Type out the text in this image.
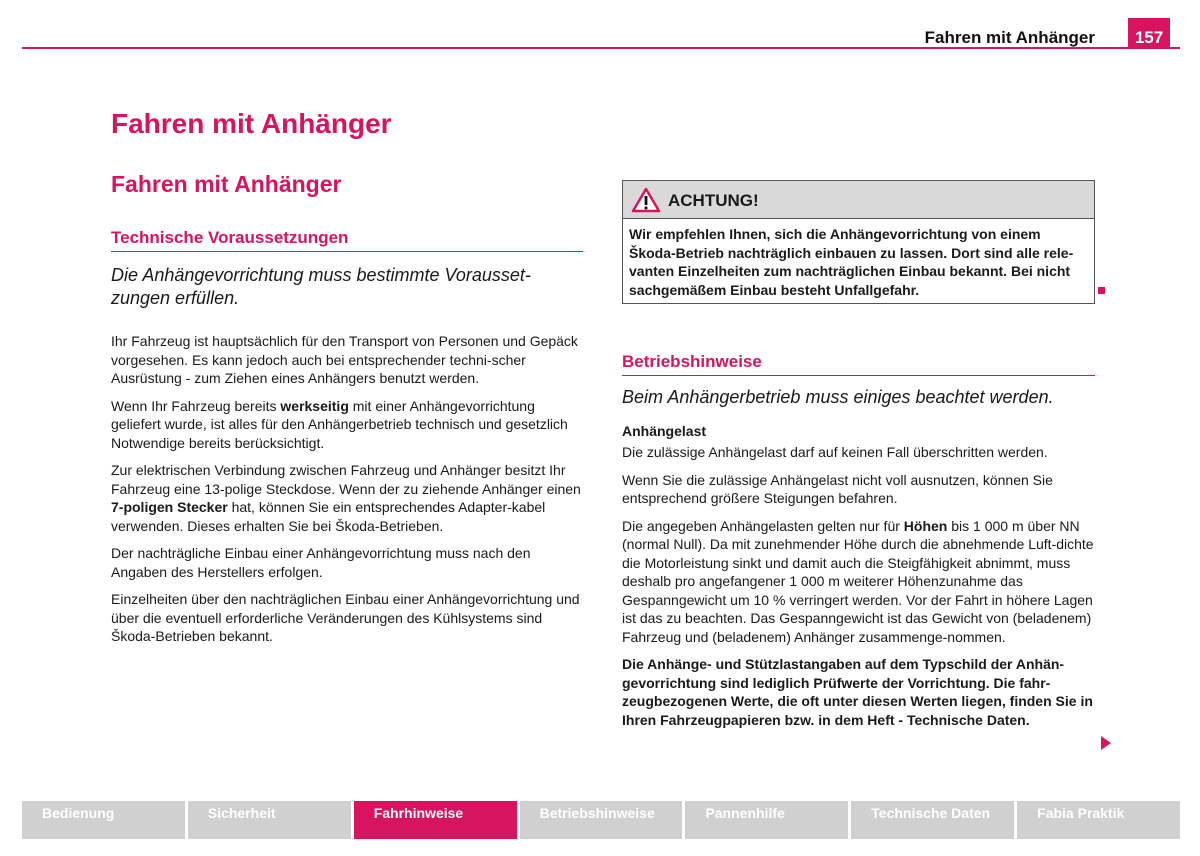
Fahren mit Anhänger	157
Fahren mit Anhänger
Fahren mit Anhänger
Technische Voraussetzungen
Die Anhängevorrichtung muss bestimmte Vorausset-zungen erfüllen.

Ihr Fahrzeug ist hauptsächlich für den Transport von Personen und Gepäck vorgesehen. Es kann jedoch auch bei entsprechender techni-scher Ausrüstung - zum Ziehen eines Anhängers benutzt werden.

Wenn Ihr Fahrzeug bereits werkseitig mit einer Anhängevorrichtung geliefert wurde, ist alles für den Anhängerbetrieb technisch und gesetzlich Notwendige bereits berücksichtigt.

Zur elektrischen Verbindung zwischen Fahrzeug und Anhänger besitzt Ihr Fahrzeug eine 13-polige Steckdose. Wenn der zu ziehende Anhänger einen 7-poligen Stecker hat, können Sie ein entsprechendes Adapter-kabel verwenden. Dieses erhalten Sie bei Škoda-Betrieben.

Der nachträgliche Einbau einer Anhängevorrichtung muss nach den Angaben des Herstellers erfolgen.

Einzelheiten über den nachträglichen Einbau einer Anhängevorrichtung und über die eventuell erforderliche Veränderungen des Kühlsystems sind Škoda-Betrieben bekannt.

ACHTUNG!
Wir empfehlen Ihnen, sich die Anhängevorrichtung von einem Škoda-Betrieb nachträglich einbauen zu lassen. Dort sind alle rele-vanten Einzelheiten zum nachträglichen Einbau bekannt. Bei nicht sachgemäßem Einbau besteht Unfallgefahr.
Betriebshinweise
Beim Anhängerbetrieb muss einiges beachtet werden.

Anhängelast

Die zulässige Anhängelast darf auf keinen Fall überschritten werden.

Wenn Sie die zulässige Anhängelast nicht voll ausnutzen, können Sie entsprechend größere Steigungen befahren.

Die angegeben Anhängelasten gelten nur für Höhen bis 1 000 m über NN (normal Null). Da mit zunehmender Höhe durch die abnehmende Luft-dichte die Motorleistung sinkt und damit auch die Steigfähigkeit abnimmt, muss deshalb pro angefangener 1 000 m weiterer Höhenzunahme das Gespanngewicht um 10 % verringert werden. Vor der Fahrt in höhere Lagen ist das zu beachten. Das Gespanngewicht ist das Gewicht von (beladenem) Fahrzeug und (beladenem) Anhänger zusammenge-nommen.

Die Anhänge- und Stützlastangaben auf dem Typschild der Anhän-gevorrichtung sind lediglich Prüfwerte der Vorrichtung. Die fahr-zeugbezogenen Werte, die oft unter diesen Werten liegen, finden Sie in Ihren Fahrzeugpapieren bzw. in dem Heft - Technische Daten.

Bedienung	Sicherheit	Fahrhinweise	Betriebshinweise	Pannenhilfe	Technische Daten	Fabia Praktik
